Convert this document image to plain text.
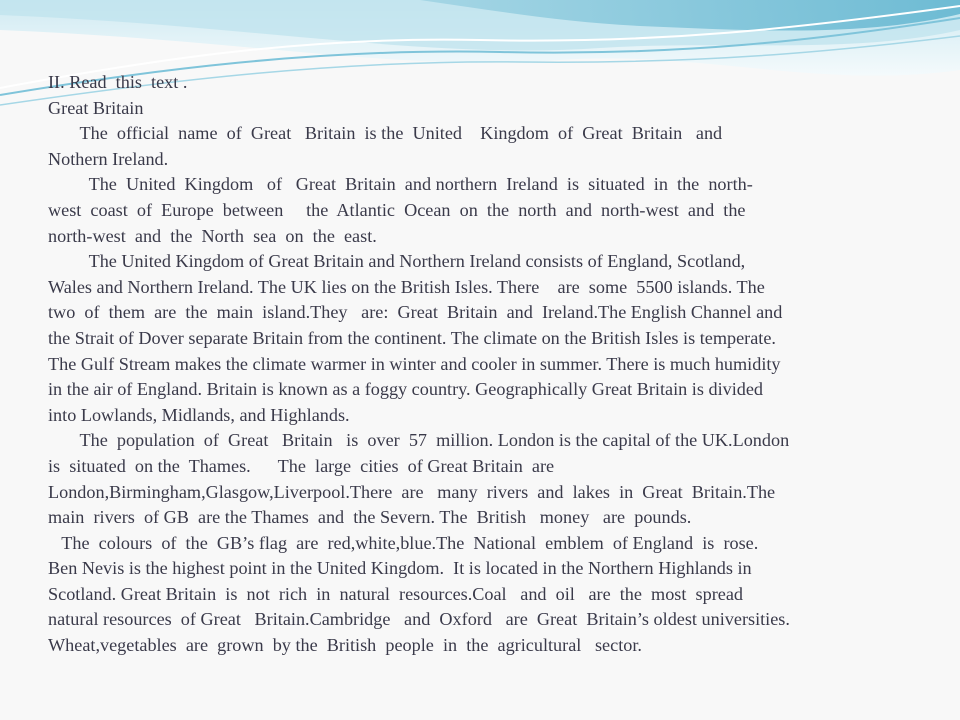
II. Read  this  text .
Great Britain
The  official  name  of  Great   Britain  is the  United    Kingdom  of  Great  Britain   and
Nothern Ireland.
The  United  Kingdom   of   Great  Britain  and northern  Ireland  is  situated  in  the  north-
west  coast  of  Europe  between     the  Atlantic  Ocean  on  the  north  and  north-west  and  the
north-west  and  the  North  sea  on  the  east.
The United Kingdom of Great Britain and Northern Ireland consists of England, Scotland,
Wales and Northern Ireland. The UK lies on the British Isles. There    are  some  5500 islands. The
two  of  them  are  the  main  island.They   are:  Great  Britain  and  Ireland.The English Channel and
the Strait of Dover separate Britain from the continent. The climate on the British Isles is temperate.
The Gulf Stream makes the climate warmer in winter and cooler in summer. There is much humidity
in the air of England. Britain is known as a foggy country. Geographically Great Britain is divided
into Lowlands, Midlands, and Highlands.
The  population  of  Great   Britain   is  over  57  million. London is the capital of the UK.London
is  situated  on the  Thames.      The  large  cities  of Great Britain  are
London,Birmingham,Glasgow,Liverpool.There  are   many  rivers  and  lakes  in  Great  Britain.The
main  rivers  of GB  are the Thames  and  the Severn. The  British   money   are  pounds.
The  colours  of  the  GB’s flag  are  red,white,blue.The  National  emblem  of England  is  rose.
Ben Nevis is the highest point in the United Kingdom.  It is located in the Northern Highlands in
Scotland. Great Britain  is  not  rich  in  natural  resources.Coal   and  oil   are  the  most  spread
natural resources  of Great   Britain.Cambridge   and  Oxford   are  Great  Britain’s oldest universities.
Wheat,vegetables  are  grown  by the  British  people  in  the  agricultural   sector.
